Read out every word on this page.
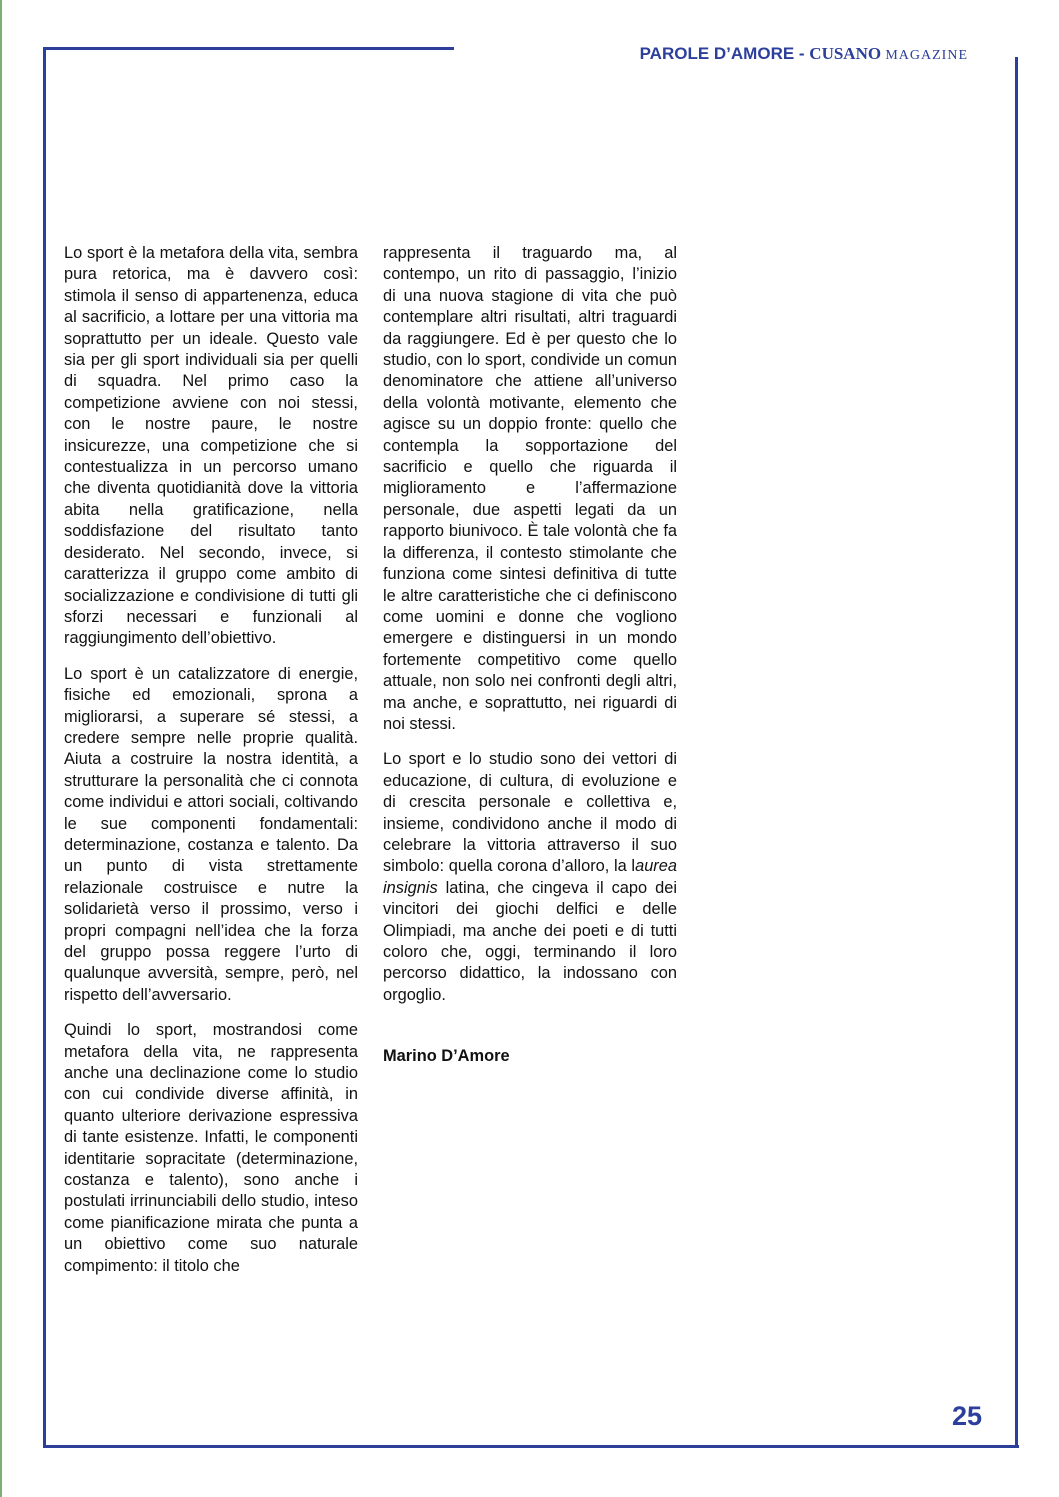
PAROLE D’AMORE - CUSANO MAGAZINE

Lo sport è la metafora della vita, sembra pura retorica, ma è davvero così: stimola il senso di appartenenza, educa al sacrificio, a lottare per una vittoria ma soprattutto per un ideale. Questo vale sia per gli sport individuali sia per quelli di squadra. Nel primo caso la competizione avviene con noi stessi, con le nostre paure, le nostre insicurezze, una competizione che si contestualizza in un percorso umano che diventa quotidianità dove la vittoria abita nella gratificazione, nella soddisfazione del risultato tanto desiderato. Nel secondo, invece, si caratterizza il gruppo come ambito di socializzazione e condivisione di tutti gli sforzi necessari e funzionali al raggiungimento dell’obiettivo.

Lo sport è un catalizzatore di energie, fisiche ed emozionali, sprona a migliorarsi, a superare sé stessi, a credere sempre nelle proprie qualità. Aiuta a costruire la nostra identità, a strutturare la personalità che ci connota come individui e attori sociali, coltivando le sue componenti fondamentali: determinazione, costanza e talento. Da un punto di vista strettamente relazionale costruisce e nutre la solidarietà verso il prossimo, verso i propri compagni nell’idea che la forza del gruppo possa reggere l’urto di qualunque avversità, sempre, però, nel rispetto dell’avversario.

Quindi lo sport, mostrandosi come metafora della vita, ne rappresenta anche una declinazione come lo studio con cui condivide diverse affinità, in quanto ulteriore derivazione espressiva di tante esistenze. Infatti, le componenti identitarie sopracitate (determinazione, costanza e talento), sono anche i postulati irrinunciabili dello studio, inteso come pianificazione mirata che punta a un obiettivo come suo naturale compimento: il titolo che

rappresenta il traguardo ma, al contempo, un rito di passaggio, l’inizio di una nuova stagione di vita che può contemplare altri risultati, altri traguardi da raggiungere. Ed è per questo che lo studio, con lo sport, condivide un comun denominatore che attiene all’universo della volontà motivante, elemento che agisce su un doppio fronte: quello che contempla la sopportazione del sacrificio e quello che riguarda il miglioramento e l’affermazione personale, due aspetti legati da un rapporto biunivoco. È tale volontà che fa la differenza, il contesto stimolante che funziona come sintesi definitiva di tutte le altre caratteristiche che ci definiscono come uomini e donne che vogliono emergere e distinguersi in un mondo fortemente competitivo come quello attuale, non solo nei confronti degli altri, ma anche, e soprattutto, nei riguardi di noi stessi.

Lo sport e lo studio sono dei vettori di educazione, di cultura, di evoluzione e di crescita personale e collettiva e, insieme, condividono anche il modo di celebrare la vittoria attraverso il suo simbolo: quella corona d’alloro, la laurea insignis latina, che cingeva il capo dei vincitori dei giochi delfici e delle Olimpiadi, ma anche dei poeti e di tutti coloro che, oggi, terminando il loro percorso didattico, la indossano con orgoglio.

Marino D’Amore

25
